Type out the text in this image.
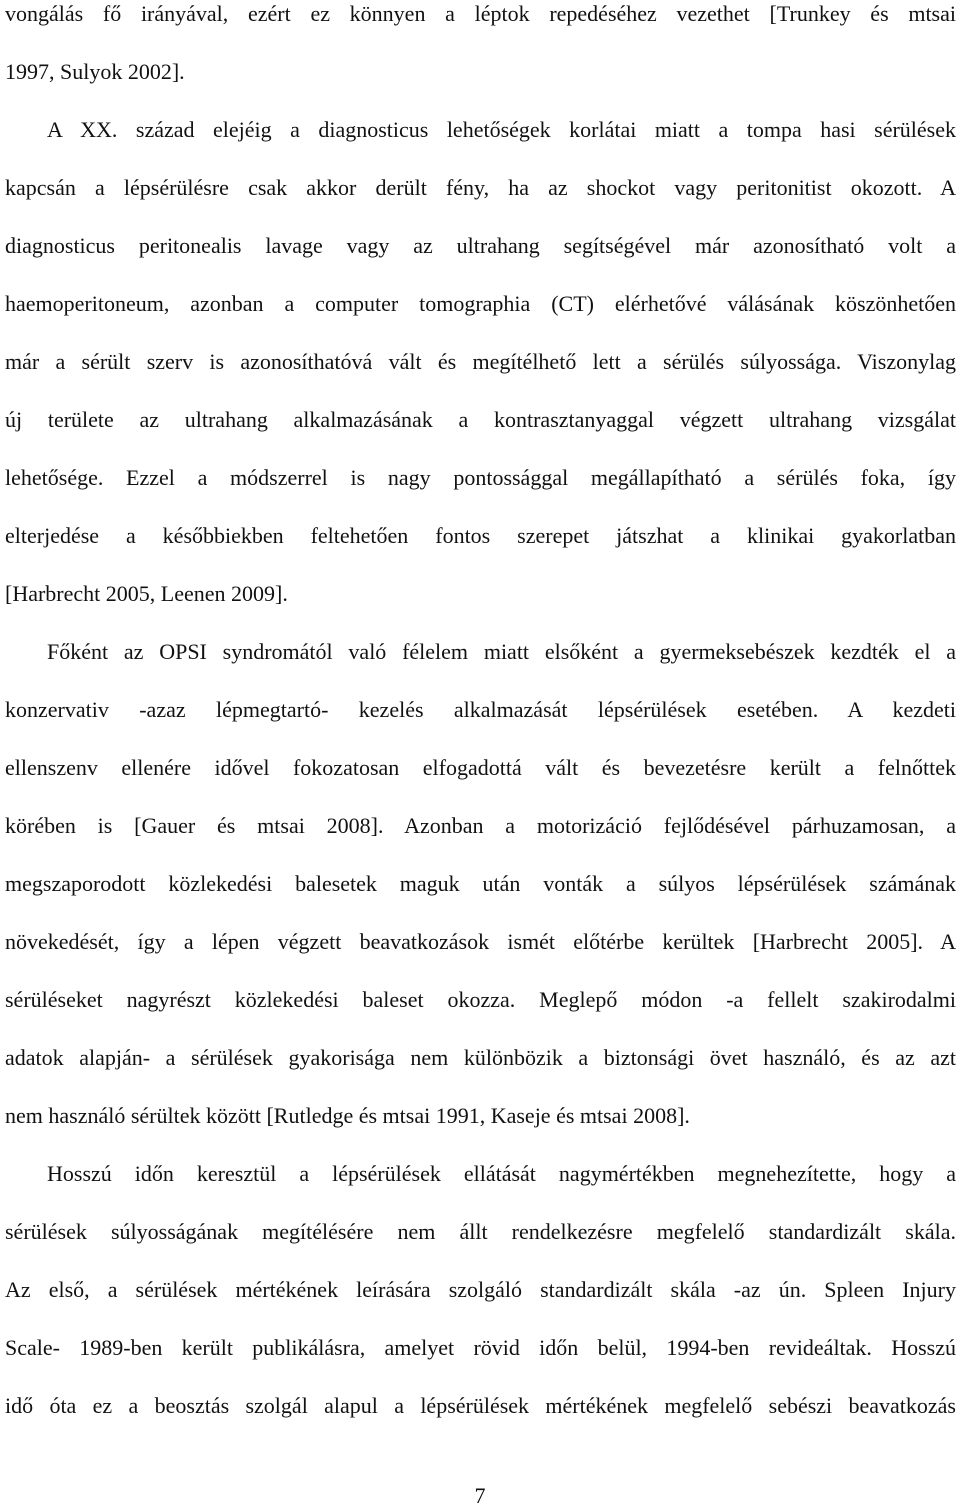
vongálás fő irányával, ezért ez könnyen a léptok repedéséhez vezethet [Trunkey és mtsai
1997, Sulyok 2002].
A XX. század elejéig a diagnosticus lehetőségek korlátai miatt a tompa hasi sérülések
kapcsán a lépsérülésre csak akkor derült fény, ha az shockot vagy peritonitist okozott. A
diagnosticus peritonealis lavage vagy az ultrahang segítségével már azonosítható volt a
haemoperitoneum, azonban a computer tomographia (CT) elérhetővé válásának köszönhetően
már a sérült szerv is azonosíthatóvá vált és megítélhető lett a sérülés súlyossága. Viszonylag
új területe az ultrahang alkalmazásának a kontrasztanyaggal végzett ultrahang vizsgálat
lehetősége. Ezzel a módszerrel is nagy pontossággal megállapítható a sérülés foka, így
elterjedése a későbbiekben feltehetően fontos szerepet játszhat a klinikai gyakorlatban
[Harbrecht 2005, Leenen 2009].
Főként az OPSI syndromától való félelem miatt elsőként a gyermeksebészek kezdték el a
konzervativ -azaz lépmegtartó- kezelés alkalmazását lépsérülések esetében. A kezdeti
ellenszenv ellenére idővel fokozatosan elfogadottá vált és bevezetésre került a felnőttek
körében is [Gauer és mtsai 2008]. Azonban a motorizáció fejlődésével párhuzamosan, a
megszaporodott közlekedési balesetek maguk után vonták a súlyos lépsérülések számának
növekedését, így a lépen végzett beavatkozások ismét előtérbe kerültek [Harbrecht 2005]. A
sérüléseket nagyrészt közlekedési baleset okozza. Meglepő módon -a fellelt szakirodalmi
adatok alapján- a sérülések gyakorisága nem különbözik a biztonsági övet használó, és az azt
nem használó sérültek között [Rutledge és mtsai 1991, Kaseje és mtsai 2008].
Hosszú időn keresztül a lépsérülések ellátását nagymértékben megnehezítette, hogy a
sérülések súlyosságának megítélésére nem állt rendelkezésre megfelelő standardizált skála.
Az első, a sérülések mértékének leírására szolgáló standardizált skála -az ún. Spleen Injury
Scale- 1989-ben került publikálásra, amelyet rövid időn belül, 1994-ben revideáltak. Hosszú
idő óta ez a beosztás szolgál alapul a lépsérülések mértékének megfelelő sebészi beavatkozás
7
